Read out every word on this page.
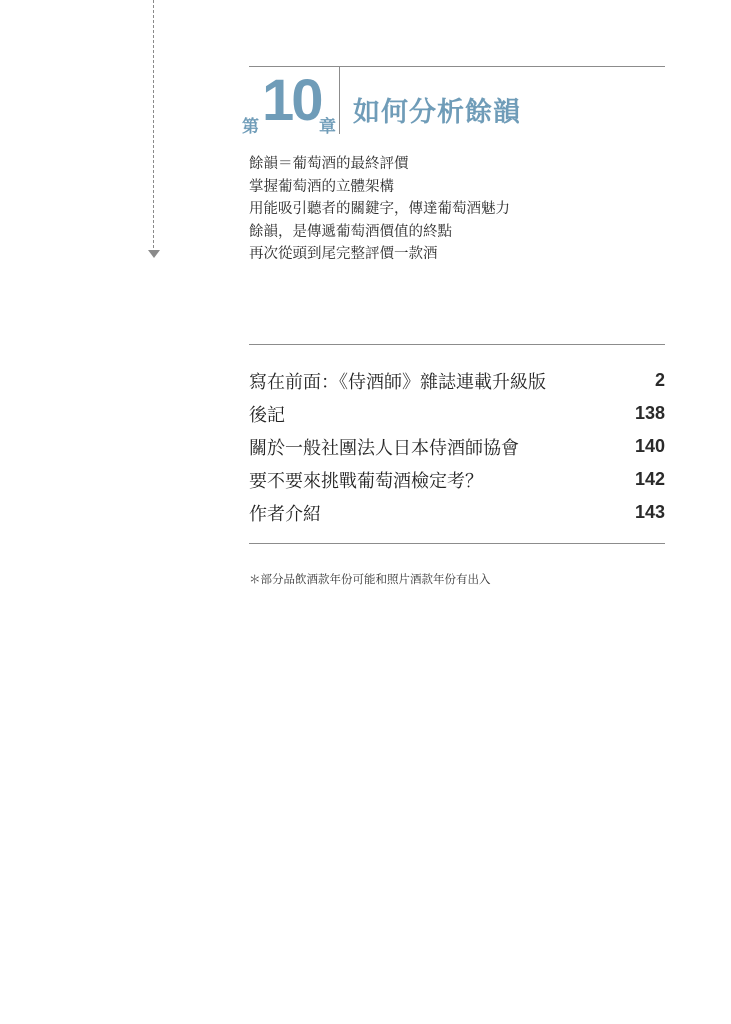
第 10
章 如何分析餘韻
餘韻＝葡萄酒的最終評價
掌握葡萄酒的立體架構
用能吸引聽者的關鍵字，傳達葡萄酒魅力
餘韻，是傳遞葡萄酒價值的終點
再次從頭到尾完整評價一款酒
寫在前面：《侍酒師》雜誌連載升級版	2
後記	138
關於一般社團法人日本侍酒師協會	140
要不要來挑戰葡萄酒檢定考？	142
作者介紹	143
＊部分品飲酒款年份可能和照片酒款年份有出入
